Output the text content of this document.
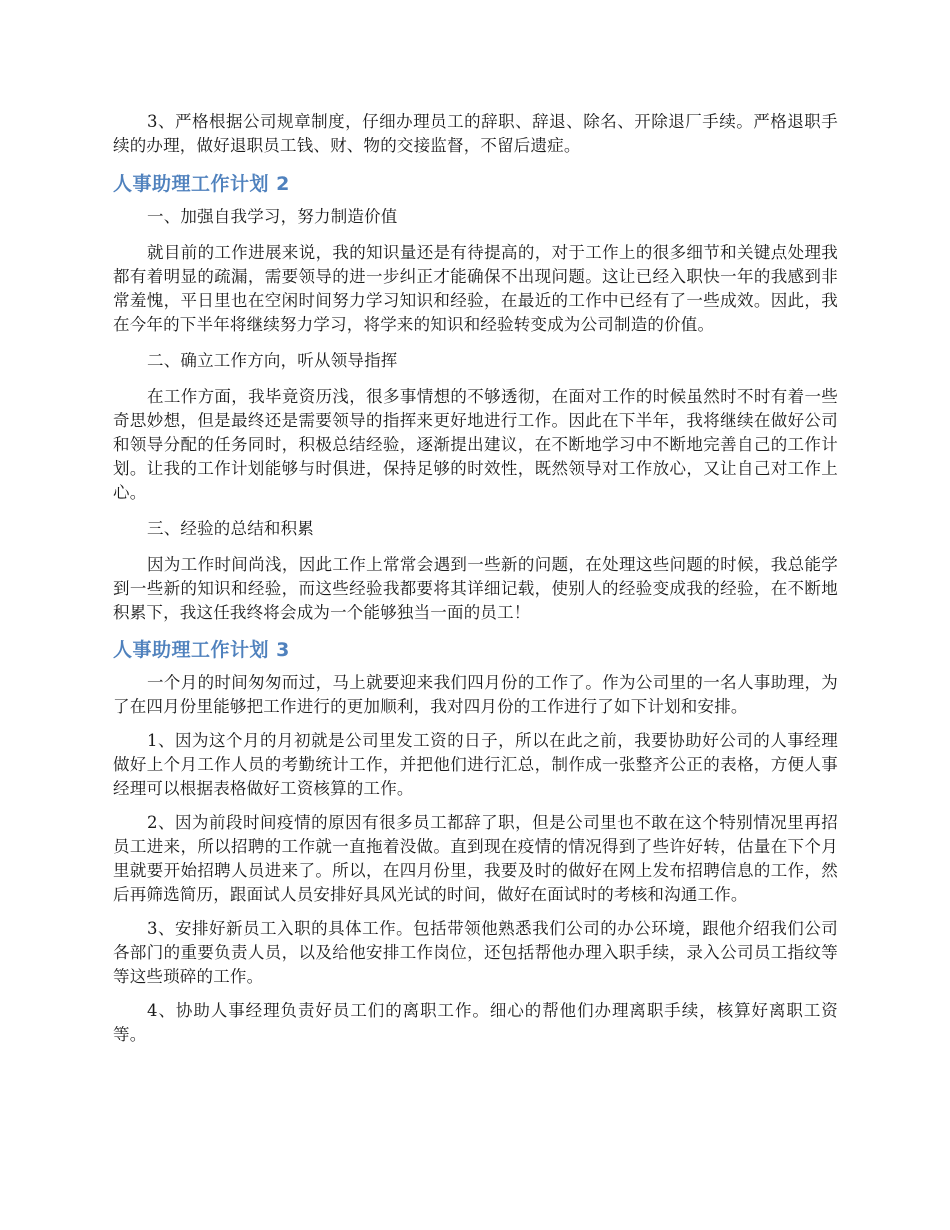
3、严格根据公司规章制度，仔细办理员工的辞职、辞退、除名、开除退厂手续。严格退职手续的办理，做好退职员工钱、财、物的交接监督，不留后遗症。

人事助理工作计划 2

一、加强自我学习，努力制造价值

就目前的工作进展来说，我的知识量还是有待提高的，对于工作上的很多细节和关键点处理我都有着明显的疏漏，需要领导的进一步纠正才能确保不出现问题。这让已经入职快一年的我感到非常羞愧，平日里也在空闲时间努力学习知识和经验，在最近的工作中已经有了一些成效。因此，我在今年的下半年将继续努力学习，将学来的知识和经验转变成为公司制造的价值。

二、确立工作方向，听从领导指挥

在工作方面，我毕竟资历浅，很多事情想的不够透彻，在面对工作的时候虽然时不时有着一些奇思妙想，但是最终还是需要领导的指挥来更好地进行工作。因此在下半年，我将继续在做好公司和领导分配的任务同时，积极总结经验，逐渐提出建议，在不断地学习中不断地完善自己的工作计划。让我的工作计划能够与时俱进，保持足够的时效性，既然领导对工作放心，又让自己对工作上心。

三、经验的总结和积累

因为工作时间尚浅，因此工作上常常会遇到一些新的问题，在处理这些问题的时候，我总能学到一些新的知识和经验，而这些经验我都要将其详细记载，使别人的经验变成我的经验，在不断地积累下，我这任我终将会成为一个能够独当一面的员工！

人事助理工作计划 3

一个月的时间匆匆而过，马上就要迎来我们四月份的工作了。作为公司里的一名人事助理，为了在四月份里能够把工作进行的更加顺利，我对四月份的工作进行了如下计划和安排。

1、因为这个月的月初就是公司里发工资的日子，所以在此之前，我要协助好公司的人事经理做好上个月工作人员的考勤统计工作，并把他们进行汇总，制作成一张整齐公正的表格，方便人事经理可以根据表格做好工资核算的工作。

2、因为前段时间疫情的原因有很多员工都辞了职，但是公司里也不敢在这个特别情况里再招员工进来，所以招聘的工作就一直拖着没做。直到现在疫情的情况得到了些许好转，估量在下个月里就要开始招聘人员进来了。所以，在四月份里，我要及时的做好在网上发布招聘信息的工作，然后再筛选简历，跟面试人员安排好具风光试的时间，做好在面试时的考核和沟通工作。

3、安排好新员工入职的具体工作。包括带领他熟悉我们公司的办公环境，跟他介绍我们公司各部门的重要负责人员，以及给他安排工作岗位，还包括帮他办理入职手续，录入公司员工指纹等等这些琐碎的工作。

4、协助人事经理负责好员工们的离职工作。细心的帮他们办理离职手续，核算好离职工资等。
